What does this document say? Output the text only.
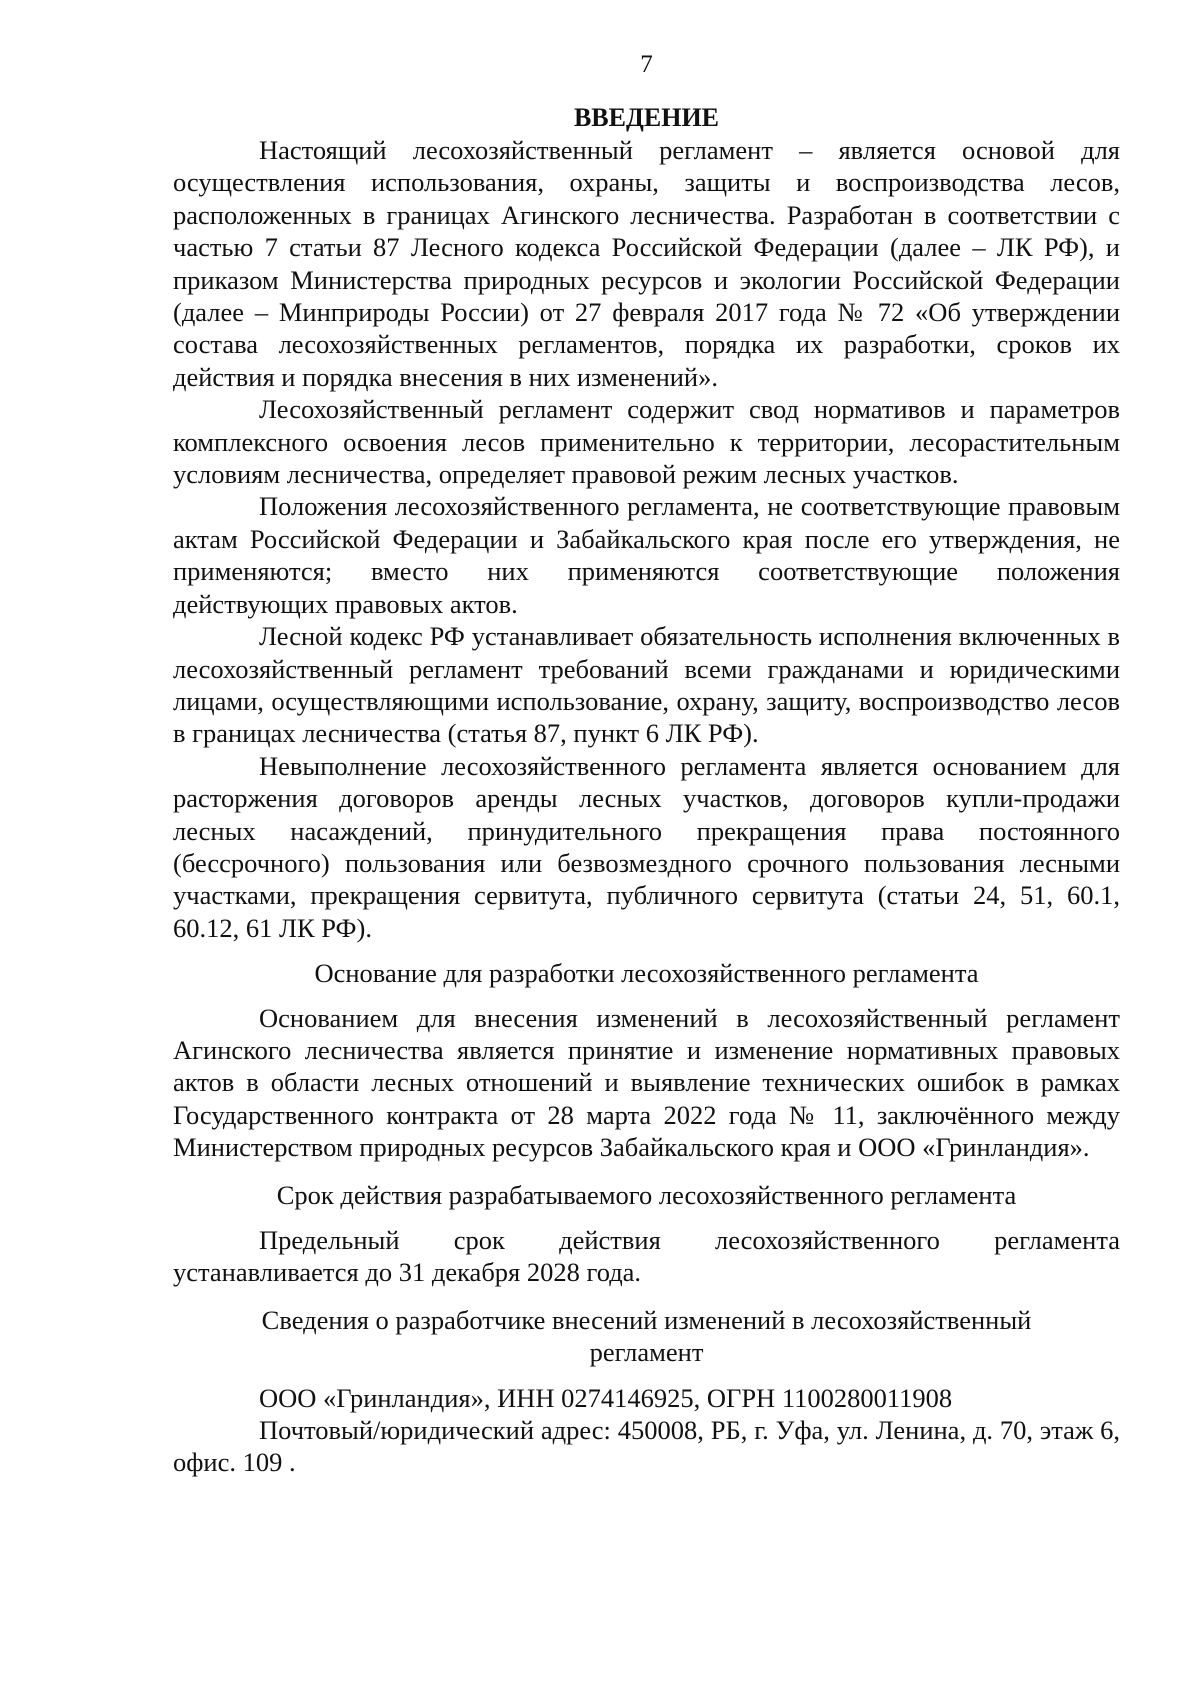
7
ВВЕДЕНИЕ

Настоящий лесохозяйственный регламент – является основой для осуществления использования, охраны, защиты и воспроизводства лесов, расположенных в границах Агинского лесничества. Разработан в соответствии с частью 7 статьи 87 Лесного кодекса Российской Федерации (далее – ЛК РФ), и приказом Министерства природных ресурсов и экологии Российской Федерации (далее – Минприроды России) от 27 февраля 2017 года № 72 «Об утверждении состава лесохозяйственных регламентов, порядка их разработки, сроков их действия и порядка внесения в них изменений».

Лесохозяйственный регламент содержит свод нормативов и параметров комплексного освоения лесов применительно к территории, лесорастительным условиям лесничества, определяет правовой режим лесных участков.

Положения лесохозяйственного регламента, не соответствующие правовым актам Российской Федерации и Забайкальского края после его утверждения, не применяются; вместо них применяются соответствующие положения действующих правовых актов.

Лесной кодекс РФ устанавливает обязательность исполнения включенных в лесохозяйственный регламент требований всеми гражданами и юридическими лицами, осуществляющими использование, охрану, защиту, воспроизводство лесов в границах лесничества (статья 87, пункт 6 ЛК РФ).

Невыполнение лесохозяйственного регламента является основанием для расторжения договоров аренды лесных участков, договоров купли-продажи лесных насаждений, принудительного прекращения права постоянного (бессрочного) пользования или безвозмездного срочного пользования лесными участками, прекращения сервитута, публичного сервитута (статьи 24, 51, 60.1, 60.12, 61 ЛК РФ).

Основание для разработки лесохозяйственного регламента

Основанием для внесения изменений в лесохозяйственный регламент Агинского лесничества является принятие и изменение нормативных правовых актов в области лесных отношений и выявление технических ошибок в рамках Государственного контракта от 28 марта 2022 года № 11, заключённого между Министерством природных ресурсов Забайкальского края и ООО «Гринландия».

Срок действия разрабатываемого лесохозяйственного регламента

Предельный срок действия лесохозяйственного регламента устанавливается до 31 декабря 2028 года.

Сведения о разработчике внесений изменений в лесохозяйственный
регламент

ООО «Гринландия», ИНН 0274146925, ОГРН 1100280011908

Почтовый/юридический адрес: 450008, РБ, г. Уфа, ул. Ленина, д. 70, этаж 6, офис. 109 .
